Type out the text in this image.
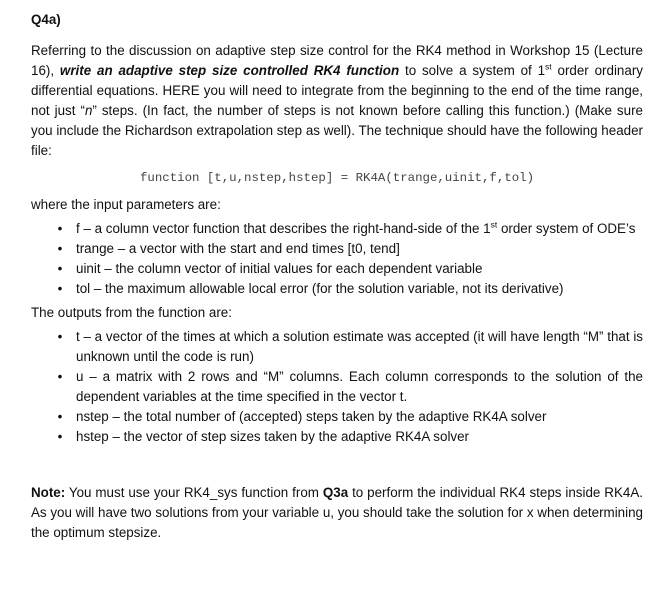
Q4a)

Referring to the discussion on adaptive step size control for the RK4 method in Workshop 15 (Lecture 16), write an adaptive step size controlled RK4 function to solve a system of 1st order ordinary differential equations. HERE you will need to integrate from the beginning to the end of the time range, not just “n” steps. (In fact, the number of steps is not known before calling this function.) (Make sure you include the Richardson extrapolation step as well). The technique should have the following header file:

function [t,u,nstep,hstep] = RK4A(trange,uinit,f,tol)

where the input parameters are:

• f – a column vector function that describes the right-hand-side of the 1st order system of ODE’s
• trange – a vector with the start and end times [t0, tend]
• uinit – the column vector of initial values for each dependent variable
• tol – the maximum allowable local error (for the solution variable, not its derivative)

The outputs from the function are:

• t – a vector of the times at which a solution estimate was accepted (it will have length “M” that is unknown until the code is run)
• u – a matrix with 2 rows and “M” columns. Each column corresponds to the solution of the dependent variables at the time specified in the vector t.
• nstep – the total number of (accepted) steps taken by the adaptive RK4A solver
• hstep – the vector of step sizes taken by the adaptive RK4A solver

Note: You must use your RK4_sys function from Q3a to perform the individual RK4 steps inside RK4A. As you will have two solutions from your variable u, you should take the solution for x when determining the optimum stepsize.
